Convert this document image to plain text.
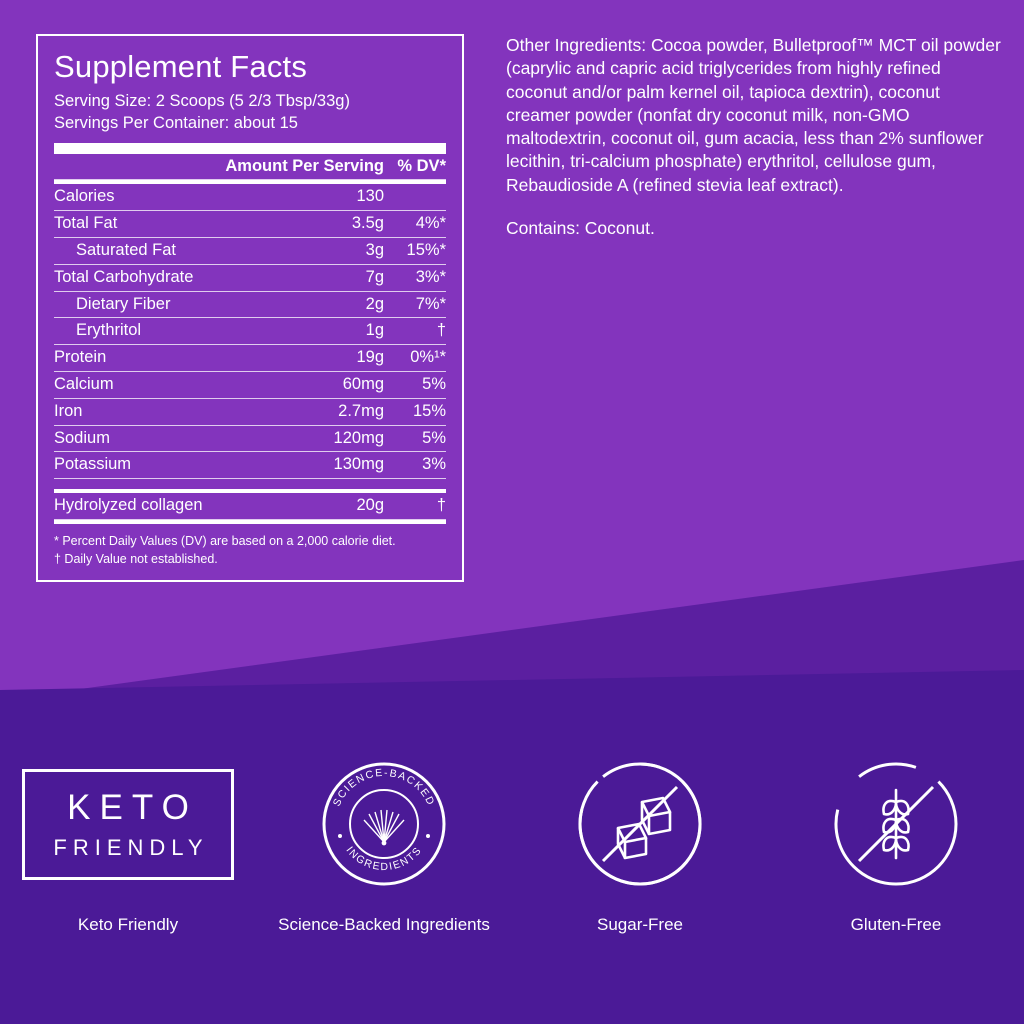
Supplement Facts
Serving Size: 2 Scoops (5 2/3 Tbsp/33g)
Servings Per Container: about 15
	Amount Per Serving	% DV*
Calories	130	
Total Fat	3.5g	4%*
Saturated Fat	3g	15%*
Total Carbohydrate	7g	3%*
Dietary Fiber	2g	7%*
Erythritol	1g	†
Protein	19g	0%¹*
Calcium	60mg	5%
Iron	2.7mg	15%
Sodium	120mg	5%
Potassium	130mg	3%
Hydrolyzed collagen	20g	†
* Percent Daily Values (DV) are based on a 2,000 calorie diet.
† Daily Value not established.

Other Ingredients: Cocoa powder, Bulletproof™ MCT oil powder (caprylic and capric acid triglycerides from highly refined coconut and/or palm kernel oil, tapioca dextrin), coconut creamer powder (nonfat dry coconut milk, non-GMO maltodextrin, coconut oil, gum acacia, less than 2% sunflower lecithin, tri-calcium phosphate) erythritol, cellulose gum, Rebaudioside A (refined stevia leaf extract).

Contains: Coconut.

KETO
FRIENDLY
Keto Friendly
SCIENCE-BACKED
INGREDIENTS
Science-Backed Ingredients	Sugar-Free	Gluten-Free
